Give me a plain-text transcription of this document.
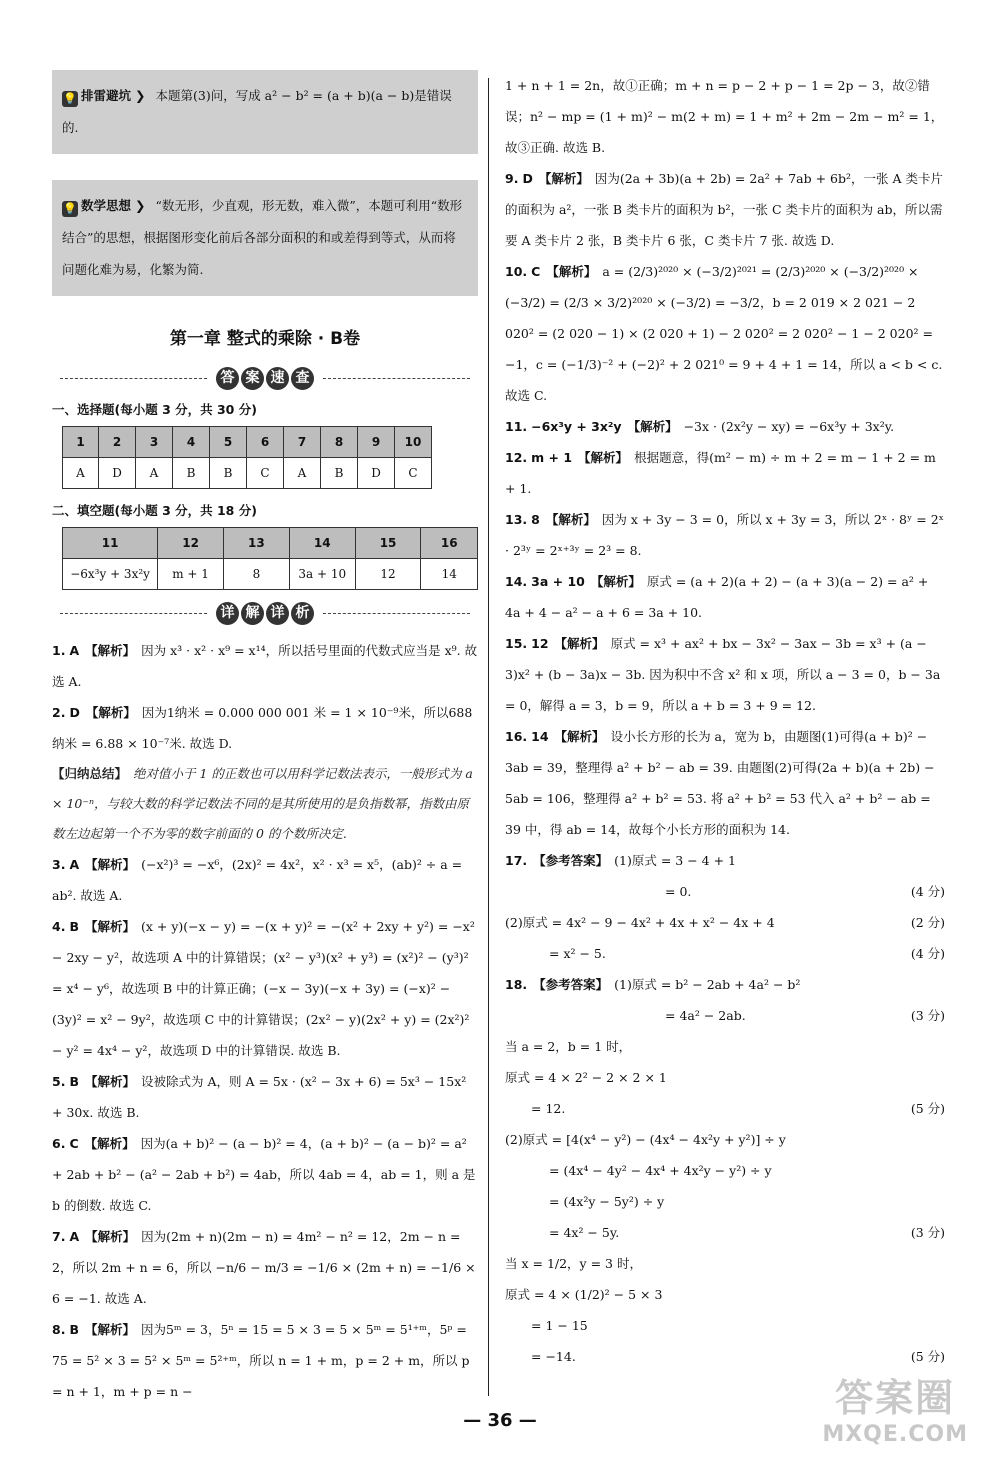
💡 排雷避坑 ❯ 本题第(3)问，写成 a² − b² = (a + b)(a − b)是错误的.
💡 数学思想 ❯ “数无形，少直观，形无数，难入微”，本题可利用“数形结合”的思想，根据图形变化前后各部分面积的和或差得到等式，从而将问题化难为易，化繁为简.
第一章 整式的乘除 · B卷
答 案 速 查
一、选择题(每小题 3 分，共 30 分)
1	2	3	4	5	6	7	8	9	10
A	D	A	B	B	C	A	B	D	C
二、填空题(每小题 3 分，共 18 分)
11	12	13	14	15	16
−6x³y + 3x²y	m + 1	8	3a + 10	12	14
详 解 详 析
1. A 【解析】 因为 x³ · x² · x⁹ = x¹⁴，所以括号里面的代数式应当是 x⁹. 故选 A.
2. D 【解析】 因为1纳米 = 0.000 000 001 米 = 1 × 10⁻⁹米，所以688 纳米 = 6.88 × 10⁻⁷米. 故选 D.
【归纳总结】 绝对值小于 1 的正数也可以用科学记数法表示，一般形式为 a × 10⁻ⁿ，与较大数的科学记数法不同的是其所使用的是负指数幂，指数由原数左边起第一个不为零的数字前面的 0 的个数所决定.
3. A 【解析】 (−x²)³ = −x⁶，(2x)² = 4x²，x² · x³ = x⁵，(ab)² ÷ a = ab². 故选 A.
4. B 【解析】 (x + y)(−x − y) = −(x + y)² = −(x² + 2xy + y²) = −x² − 2xy − y²，故选项 A 中的计算错误；(x² − y³)(x² + y³) = (x²)² − (y³)² = x⁴ − y⁶，故选项 B 中的计算正确；(−x − 3y)(−x + 3y) = (−x)² − (3y)² = x² − 9y²，故选项 C 中的计算错误；(2x² − y)(2x² + y) = (2x²)² − y² = 4x⁴ − y²，故选项 D 中的计算错误. 故选 B.
5. B 【解析】 设被除式为 A，则 A = 5x · (x² − 3x + 6) = 5x³ − 15x² + 30x. 故选 B.
6. C 【解析】 因为(a + b)² − (a − b)² = 4，(a + b)² − (a − b)² = a² + 2ab + b² − (a² − 2ab + b²) = 4ab，所以 4ab = 4，ab = 1，则 a 是 b 的倒数. 故选 C.
7. A 【解析】 因为(2m + n)(2m − n) = 4m² − n² = 12，2m − n = 2，所以 2m + n = 6，所以 −n/6 − m/3 = −1/6 × (2m + n) = −1/6 × 6 = −1. 故选 A.
8. B 【解析】 因为5ᵐ = 3，5ⁿ = 15 = 5 × 3 = 5 × 5ᵐ = 5¹⁺ᵐ，5ᵖ = 75 = 5² × 3 = 5² × 5ᵐ = 5²⁺ᵐ，所以 n = 1 + m，p = 2 + m，所以 p = n + 1，m + p = n −
1 + n + 1 = 2n，故①正确；m + n = p − 2 + p − 1 = 2p − 3，故②错误；n² − mp = (1 + m)² − m(2 + m) = 1 + m² + 2m − 2m − m² = 1，故③正确. 故选 B.
9. D 【解析】 因为(2a + 3b)(a + 2b) = 2a² + 7ab + 6b²，一张 A 类卡片的面积为 a²，一张 B 类卡片的面积为 b²，一张 C 类卡片的面积为 ab，所以需要 A 类卡片 2 张，B 类卡片 6 张，C 类卡片 7 张. 故选 D.
10. C 【解析】 a = (2/3)²⁰²⁰ × (−3/2)²⁰²¹ = (2/3)²⁰²⁰ × (−3/2)²⁰²⁰ × (−3/2) = (2/3 × 3/2)²⁰²⁰ × (−3/2) = −3/2，b = 2 019 × 2 021 − 2 020² = (2 020 − 1) × (2 020 + 1) − 2 020² = 2 020² − 1 − 2 020² = −1，c = (−1/3)⁻² + (−2)² + 2 021⁰ = 9 + 4 + 1 = 14，所以 a < b < c. 故选 C.
11. −6x³y + 3x²y 【解析】 −3x · (2x²y − xy) = −6x³y + 3x²y.
12. m + 1 【解析】 根据题意，得(m² − m) ÷ m + 2 = m − 1 + 2 = m + 1.
13. 8 【解析】 因为 x + 3y − 3 = 0，所以 x + 3y = 3，所以 2ˣ · 8ʸ = 2ˣ · 2³ʸ = 2ˣ⁺³ʸ = 2³ = 8.
14. 3a + 10 【解析】 原式 = (a + 2)(a + 2) − (a + 3)(a − 2) = a² + 4a + 4 − a² − a + 6 = 3a + 10.
15. 12 【解析】 原式 = x³ + ax² + bx − 3x² − 3ax − 3b = x³ + (a − 3)x² + (b − 3a)x − 3b. 因为积中不含 x² 和 x 项，所以 a − 3 = 0，b − 3a = 0，解得 a = 3，b = 9，所以 a + b = 3 + 9 = 12.
16. 14 【解析】 设小长方形的长为 a，宽为 b，由题图(1)可得(a + b)² − 3ab = 39，整理得 a² + b² − ab = 39. 由题图(2)可得(2a + b)(a + 2b) − 5ab = 106，整理得 a² + b² = 53. 将 a² + b² = 53 代入 a² + b² − ab = 39 中，得 ab = 14，故每个小长方形的面积为 14.
17. 【参考答案】 (1)原式 = 3 − 4 + 1
= 0.	(4 分)
(2)原式 = 4x² − 9 − 4x² + 4x + x² − 4x + 4	(2 分)
= x² − 5.	(4 分)
18. 【参考答案】 (1)原式 = b² − 2ab + 4a² − b²
= 4a² − 2ab.	(3 分)
当 a = 2，b = 1 时，
原式 = 4 × 2² − 2 × 2 × 1
= 12.	(5 分)
(2)原式 = [4(x⁴ − y²) − (4x⁴ − 4x²y + y²)] ÷ y
= (4x⁴ − 4y² − 4x⁴ + 4x²y − y²) ÷ y
= (4x²y − 5y²) ÷ y
= 4x² − 5y.	(3 分)
当 x = 1/2，y = 3 时，
原式 = 4 × (1/2)² − 5 × 3
= 1 − 15
= −14.	(5 分)
— 36 —
答案圈
MXQE.COM
